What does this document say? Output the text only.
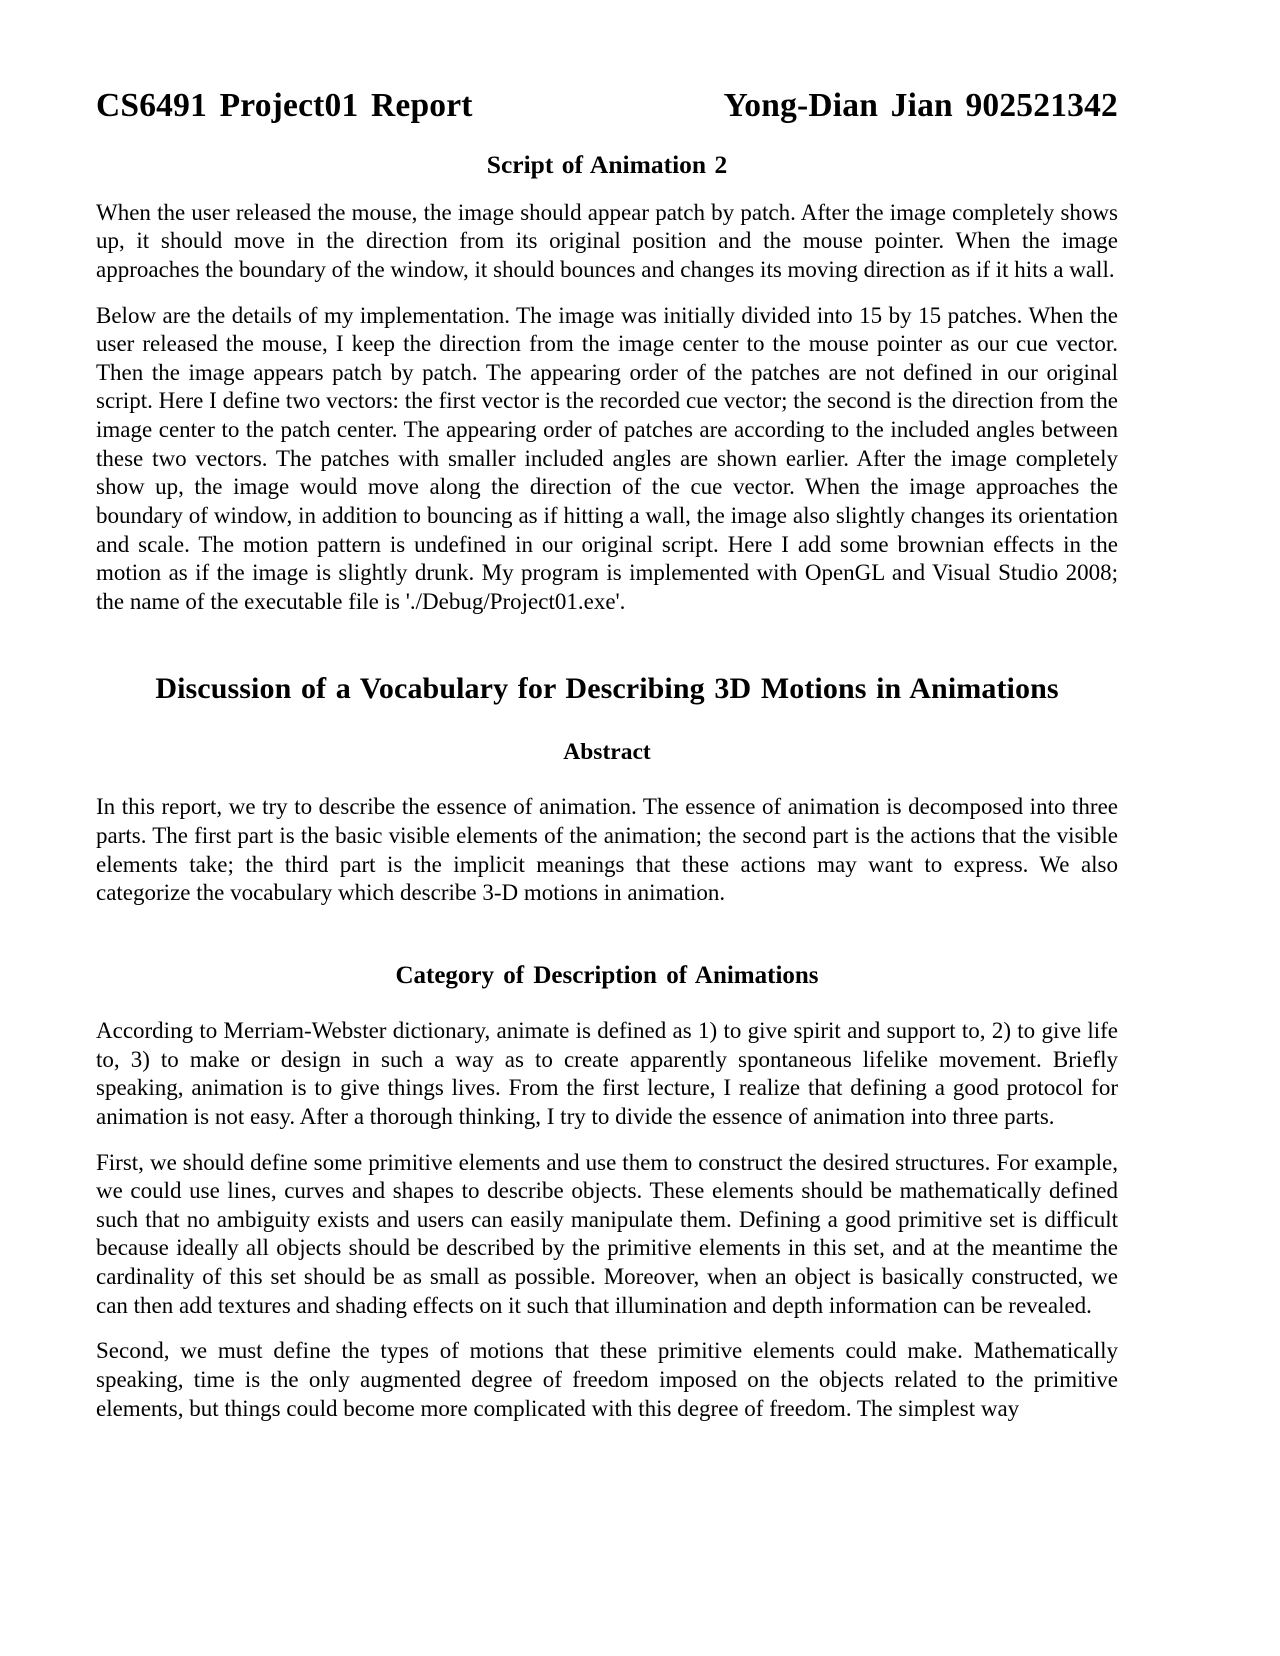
CS6491 Project01 Report	Yong-Dian Jian 902521342
Script of Animation 2

When the user released the mouse, the image should appear patch by patch. After the image completely shows up, it should move in the direction from its original position and the mouse pointer. When the image approaches the boundary of the window, it should bounces and changes its moving direction as if it hits a wall.

Below are the details of my implementation. The image was initially divided into 15 by 15 patches. When the user released the mouse, I keep the direction from the image center to the mouse pointer as our cue vector. Then the image appears patch by patch. The appearing order of the patches are not defined in our original script. Here I define two vectors: the first vector is the recorded cue vector; the second is the direction from the image center to the patch center. The appearing order of patches are according to the included angles between these two vectors. The patches with smaller included angles are shown earlier. After the image completely show up, the image would move along the direction of the cue vector. When the image approaches the boundary of window, in addition to bouncing as if hitting a wall, the image also slightly changes its orientation and scale. The motion pattern is undefined in our original script. Here I add some brownian effects in the motion as if the image is slightly drunk. My program is implemented with OpenGL and Visual Studio 2008; the name of the executable file is './Debug/Project01.exe'.

Discussion of a Vocabulary for Describing 3D Motions in Animations
Abstract

In this report, we try to describe the essence of animation. The essence of animation is decomposed into three parts. The first part is the basic visible elements of the animation; the second part is the actions that the visible elements take; the third part is the implicit meanings that these actions may want to express. We also categorize the vocabulary which describe 3-D motions in animation.

Category of Description of Animations

According to Merriam-Webster dictionary, animate is defined as 1) to give spirit and support to, 2) to give life to, 3) to make or design in such a way as to create apparently spontaneous lifelike movement. Briefly speaking, animation is to give things lives. From the first lecture, I realize that defining a good protocol for animation is not easy. After a thorough thinking, I try to divide the essence of animation into three parts.

First, we should define some primitive elements and use them to construct the desired structures. For example, we could use lines, curves and shapes to describe objects. These elements should be mathematically defined such that no ambiguity exists and users can easily manipulate them. Defining a good primitive set is difficult because ideally all objects should be described by the primitive elements in this set, and at the meantime the cardinality of this set should be as small as possible. Moreover, when an object is basically constructed, we can then add textures and shading effects on it such that illumination and depth information can be revealed.

Second, we must define the types of motions that these primitive elements could make. Mathematically speaking, time is the only augmented degree of freedom imposed on the objects related to the primitive elements, but things could become more complicated with this degree of freedom. The simplest way
